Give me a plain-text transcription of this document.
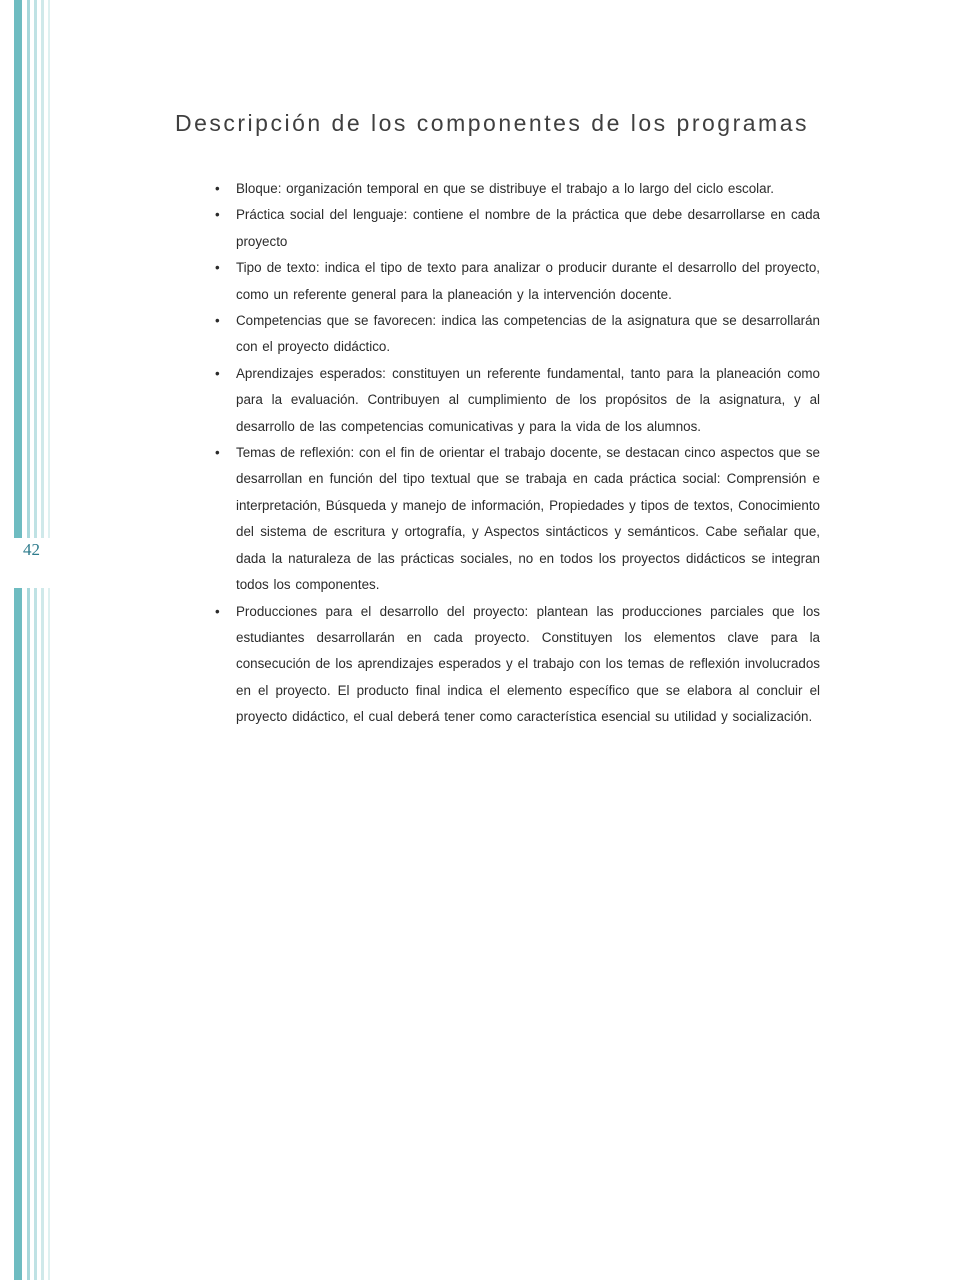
42
Descripción de los componentes de los programas
• Bloque: organización temporal en que se distribuye el trabajo a lo largo del ciclo escolar.
• Práctica social del lenguaje: contiene el nombre de la práctica que debe desarrollarse en cada proyecto
• Tipo de texto: indica el tipo de texto para analizar o producir durante el desarrollo del proyecto, como un referente general para la planeación y la intervención docente.
• Competencias que se favorecen: indica las competencias de la asignatura que se desarrollarán con el proyecto didáctico.
• Aprendizajes esperados: constituyen un referente fundamental, tanto para la planeación como para la evaluación. Contribuyen al cumplimiento de los propósitos de la asignatura, y al desarrollo de las competencias comunicativas y para la vida de los alumnos.
• Temas de reflexión: con el fin de orientar el trabajo docente, se destacan cinco aspectos que se desarrollan en función del tipo textual que se trabaja en cada práctica social: Comprensión e interpretación, Búsqueda y manejo de información, Propiedades y tipos de textos, Conocimiento del sistema de escritura y ortografía, y Aspectos sintácticos y semánticos. Cabe señalar que, dada la naturaleza de las prácticas sociales, no en todos los proyectos didácticos se integran todos los componentes.
• Producciones para el desarrollo del proyecto: plantean las producciones parciales que los estudiantes desarrollarán en cada proyecto. Constituyen los elementos clave para la consecución de los aprendizajes esperados y el trabajo con los temas de reflexión involucrados en el proyecto. El producto final indica el elemento específico que se elabora al concluir el proyecto didáctico, el cual deberá tener como característica esencial su utilidad y socialización.
